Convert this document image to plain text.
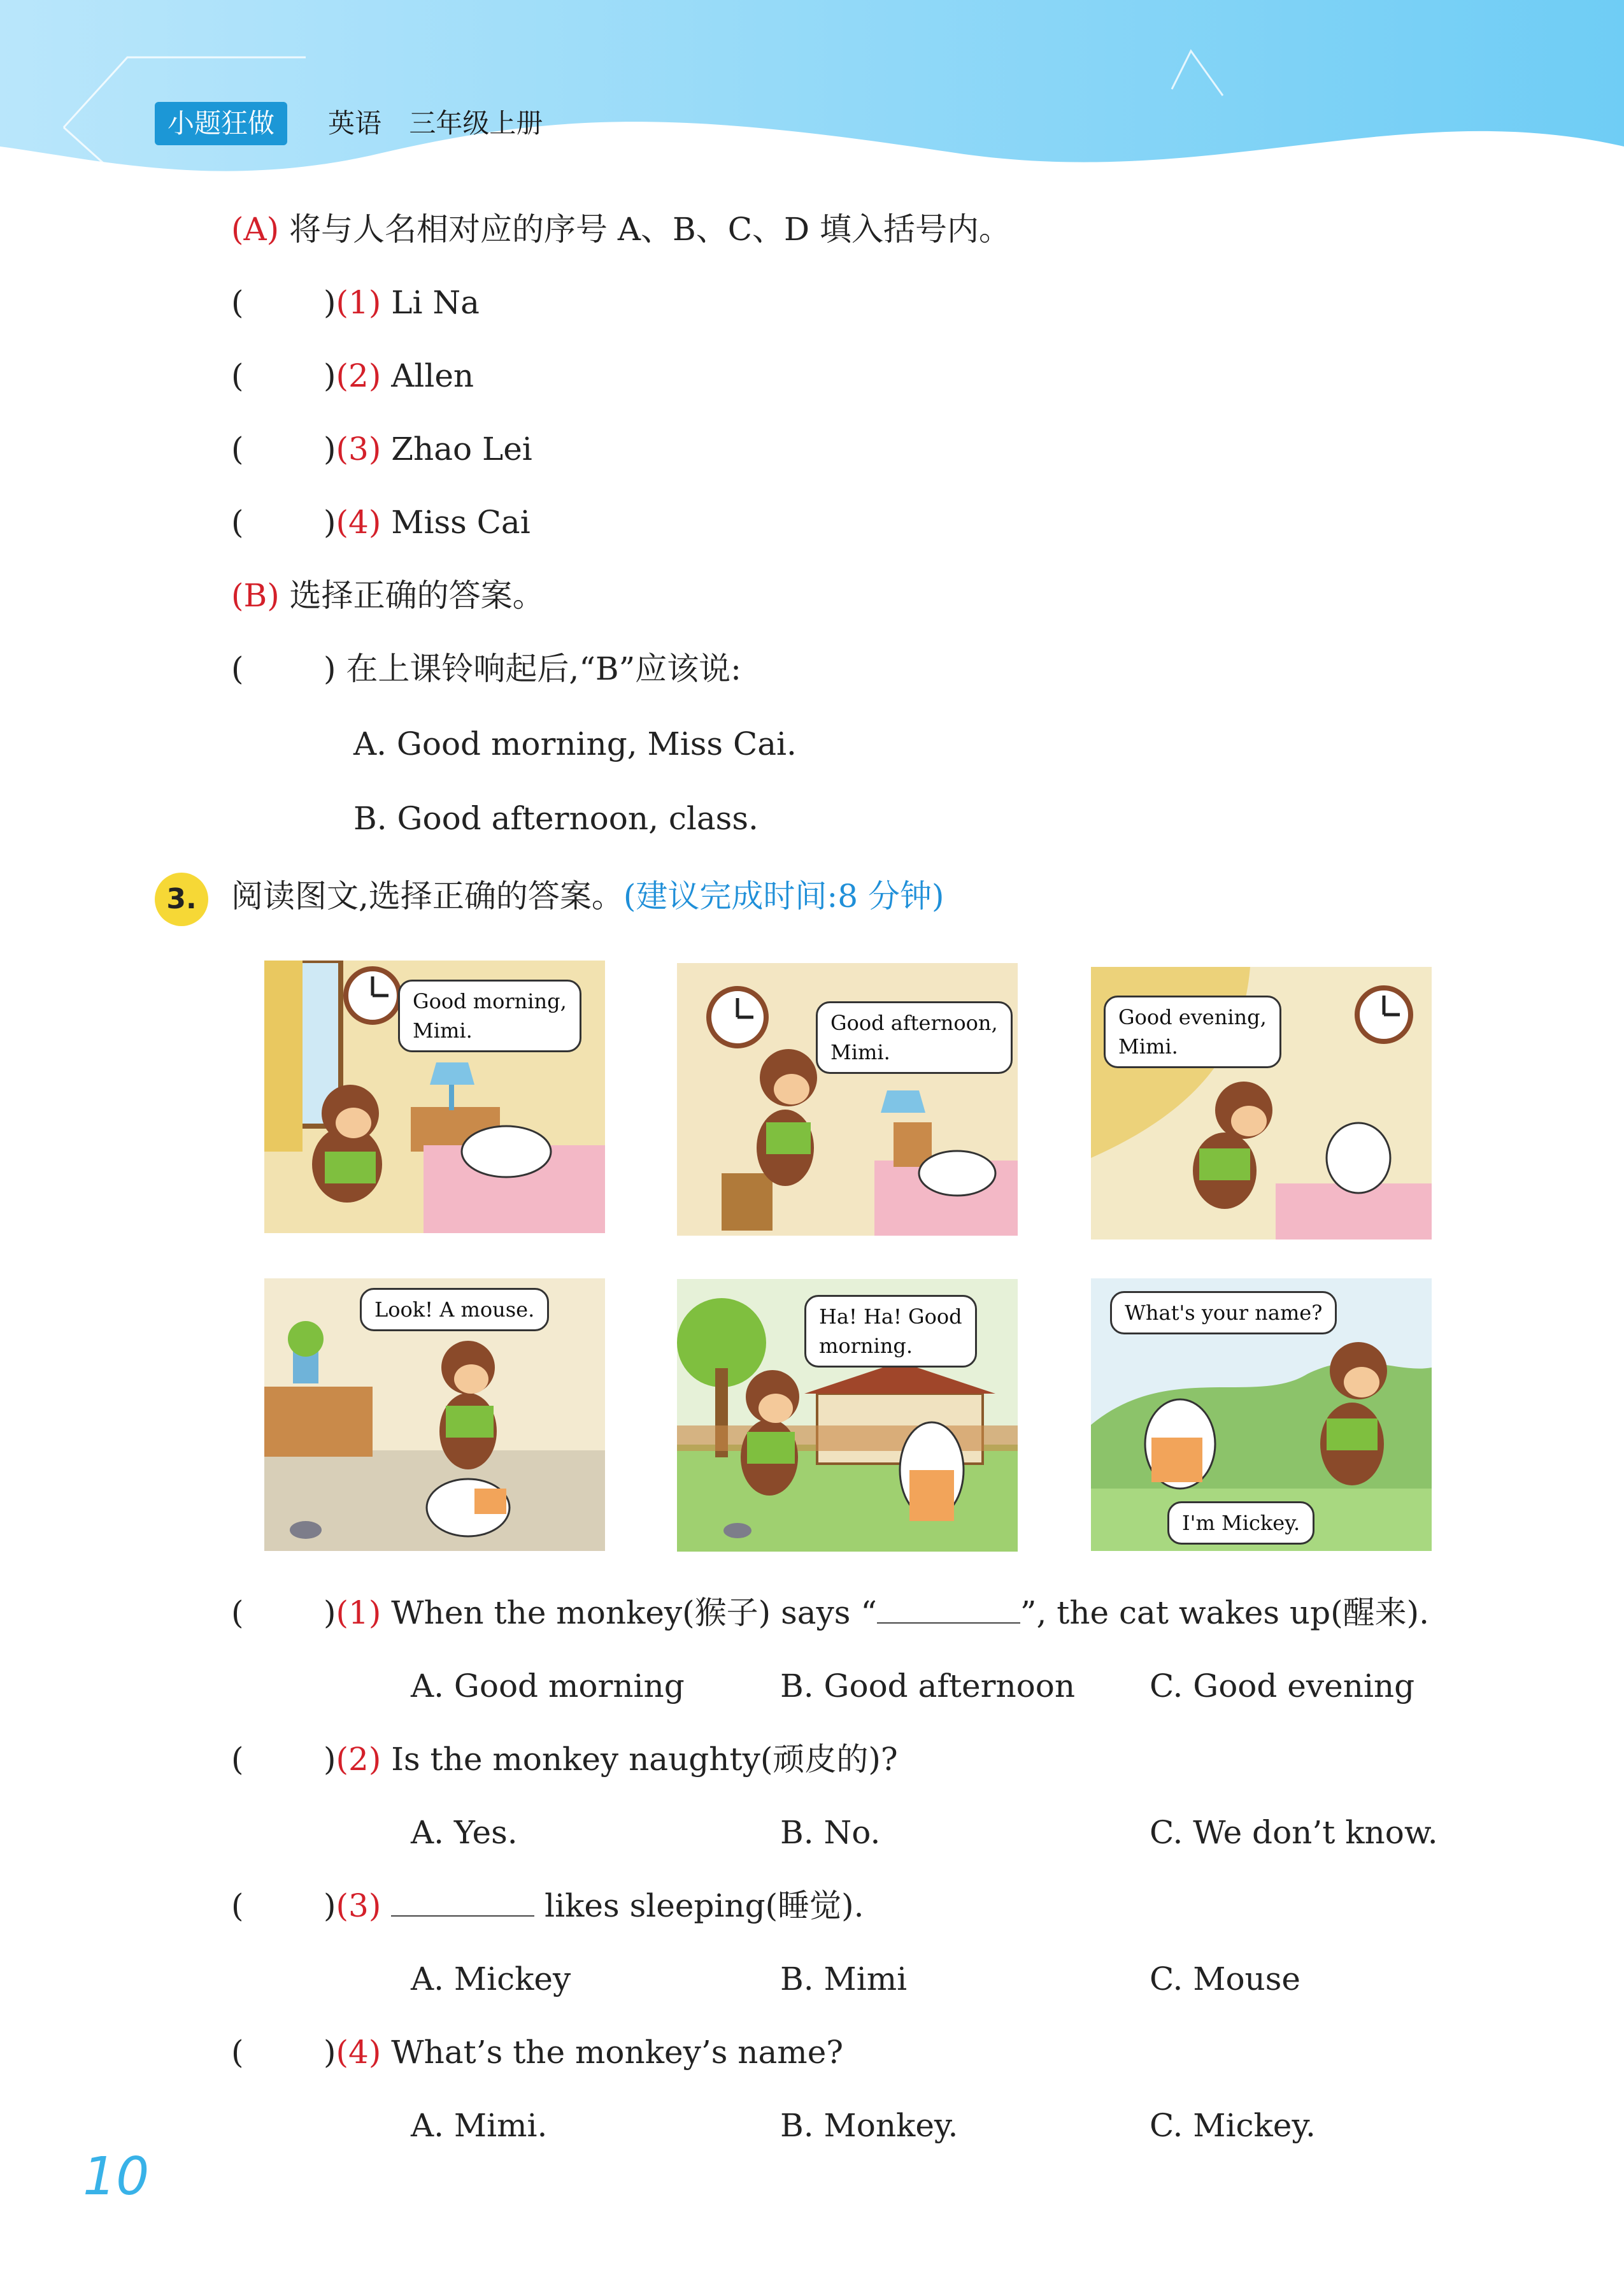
小题狂做	英语 三年级上册
(A) 将与人名相对应的序号 A、B、C、D 填入括号内。
(	)(1) Li Na
(	)(2) Allen
(	)(3) Zhao Lei
(	)(4) Miss Cai
(B) 选择正确的答案。
(	) 在上课铃响起后,“B”应该说:
A. Good morning, Miss Cai.
B. Good afternoon, class.
3.	阅读图文,选择正确的答案。(建议完成时间:8 分钟)
Good morning,
Mimi.	Good afternoon,
Mimi.
Good evening,
Mimi.
Look! A mouse.	Ha! Ha! Good
morning.
What's your name?
I'm Mickey.
(	)(1) When the monkey(猴子) says “	”, the cat wakes up(醒来).
A. Good morning	B. Good afternoon C. Good evening
(	)(2) Is the monkey naughty(顽皮的)?
A. Yes.	B. No.	C. We don’t know.
(	)(3)	likes sleeping(睡觉).
A. Mickey	B. Mimi	C. Mouse
(	)(4) What’s the monkey’s name?
A. Mimi.	B. Monkey.	C. Mickey.
10
